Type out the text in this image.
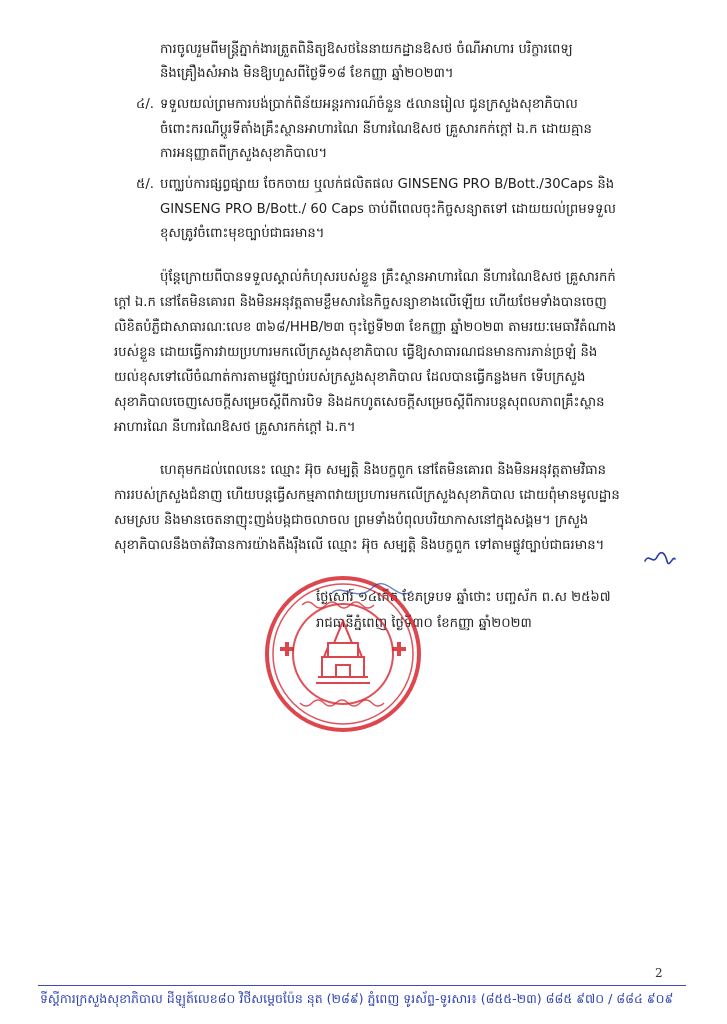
ការចូលរួមពីមន្ត្រីភ្នាក់ងារត្រួតពិនិត្យឱសថនៃនាយកដ្ឋានឱសថ ចំណីអាហារ បរិក្ខារពេទ្យ
និងគ្រឿងសំអាង មិនឱ្យហួសពីថ្ងៃទី១៨ ខែកញ្ញា ឆ្នាំ២០២៣។
៤/. ទទួលយល់ព្រមការបង់ប្រាក់ពិន័យអន្តរការណ៍ចំនួន ៥លានរៀល ជូនក្រសួងសុខាភិបាល
ចំពោះករណីប្តូរទីតាំងគ្រឹះស្ថានអាហារណៃ នីហារណៃឱសថ គ្រួសារកក់ក្តៅ ឯ.ក ដោយគ្មាន
ការអនុញ្ញាតពីក្រសួងសុខាភិបាល។
៥/. បញ្ឈប់ការផ្សព្វផ្សាយ ចែកចាយ ឬលក់ផលិតផល GINSENG PRO B/Bott./30Caps និង
GINSENG PRO B/Bott./ 60 Caps ចាប់ពីពេលចុះកិច្ចសន្យាតទៅ ដោយយល់ព្រមទទួល
ខុសត្រូវចំពោះមុខច្បាប់ជាធរមាន។
ប៉ុន្តែក្រោយពីបានទទួលស្គាល់កំហុសរបស់ខ្លួន គ្រឹះស្ថានអាហារណៃ នីហារណៃឱសថ គ្រួសារកក់
ក្តៅ ឯ.ក នៅតែមិនគោរព និងមិនអនុវត្តតាមខ្លឹមសារនៃកិច្ចសន្យាខាងលើឡើយ ហើយថែមទាំងបានចេញ
លិខិតបំភ្លឺជាសាធារណៈលេខ ៣៦៨/HHB/២៣ ចុះថ្ងៃទី២៣ ខែកញ្ញា ឆ្នាំ២០២៣ តាមរយៈមេធាវីតំណាង
របស់ខ្លួន ដោយធ្វើការវាយប្រហារមកលើក្រសួងសុខាភិបាល ធ្វើឱ្យសាធារណជនមានការភាន់ច្រឡំ និង
យល់ខុសទៅលើចំណាត់ការតាមផ្លូវច្បាប់របស់ក្រសួងសុខាភិបាល ដែលបានធ្វើកន្លងមក ទើបក្រសួង
សុខាភិបាលចេញសេចក្តីសម្រេចស្តីពីការបិទ និងដកហូតសេចក្តីសម្រេចស្តីពីការបន្តសុពលភាពគ្រឹះស្ថាន
អាហារណៃ នីហារណៃឱសថ គ្រួសារកក់ក្តៅ ឯ.ក។
ហេតុមកដល់ពេលនេះ ឈ្មោះ អ៊ុច សម្បត្តិ និងបក្ខពួក នៅតែមិនគោរព និងមិនអនុវត្តតាមវិធាន
ការរបស់ក្រសួងជំនាញ ហើយបន្តធ្វើសកម្មភាពវាយប្រហារមកលើក្រសួងសុខាភិបាល ដោយពុំមានមូលដ្ឋាន
សមស្រប និងមានចេតនាញុះញង់បង្កជាចលាចល ព្រមទាំងបំពុលបរិយាកាសនៅក្នុងសង្គម។ ក្រសួង
សុខាភិបាលនឹងចាត់វិធានការយ៉ាងតឹងរ៉ឹងលើ ឈ្មោះ អ៊ុច សម្បត្តិ និងបក្ខពួក ទៅតាមផ្លូវច្បាប់ជាធរមាន។
ថ្ងៃសៅរ៍ ១៤កើត ខែភទ្របទ ឆ្នាំថោះ បញ្ចស័ក ព.ស ២៥៦៧
រាជធានីភ្នំពេញ ថ្ងៃទី៣០ ខែកញ្ញា ឆ្នាំ២០២៣
2
ទីស្តីការក្រសួងសុខាភិបាល ដីឡូត៍លេខ៨០ វិថីសម្តេចប៉ែន នុត (២៨៩) ភ្នំពេញ ទូរស័ព្ទ-ទូរសារ៖ (៨៥៥-២៣) ៨៨៥ ៩៧០ / ៨៨៤ ៩០៩
